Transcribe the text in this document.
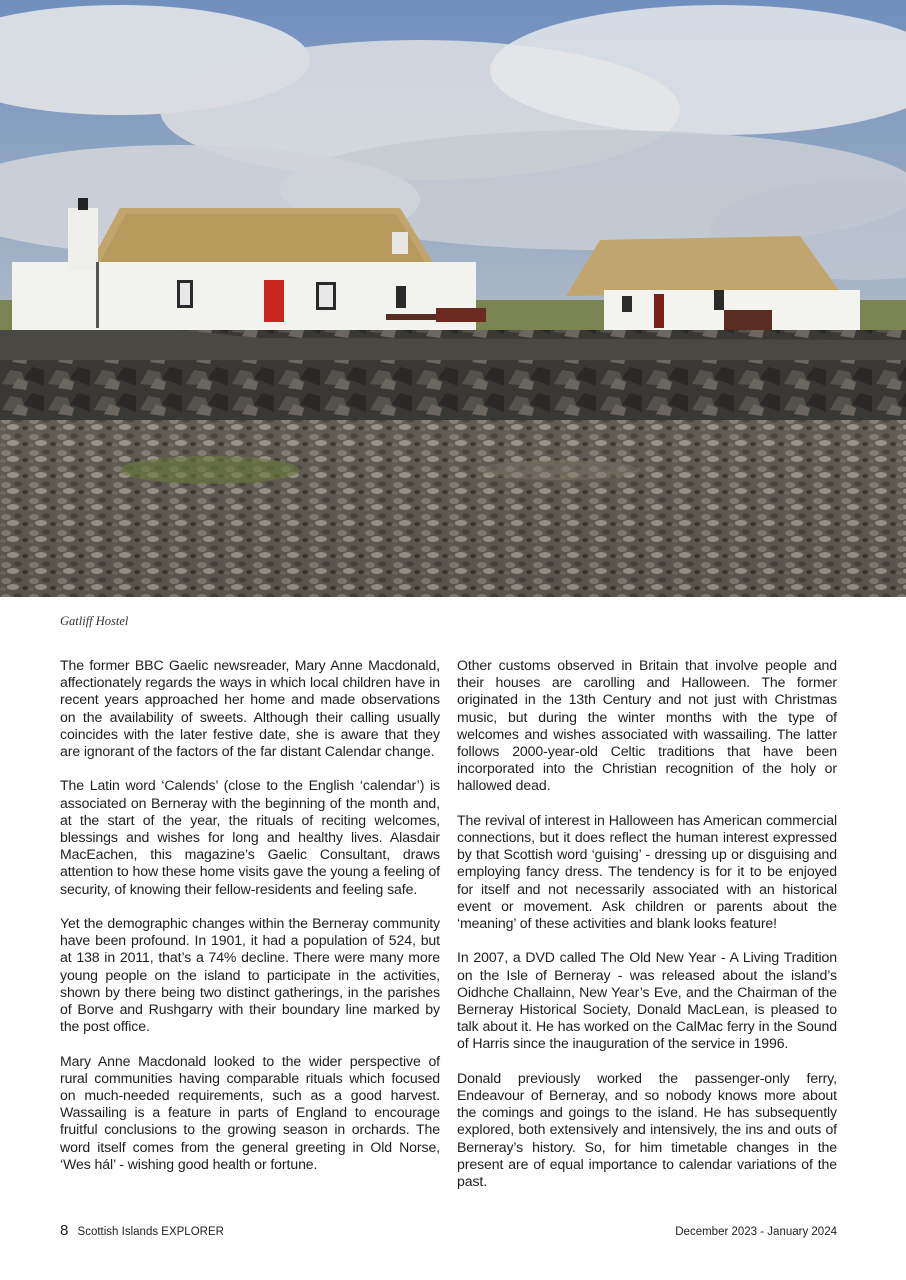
Gatliff Hostel

The former BBC Gaelic newsreader, Mary Anne Macdonald, affectionately regards the ways in which local children have in recent years approached her home and made observations on the availability of sweets. Although their calling usually coincides with the later festive date, she is aware that they are ignorant of the factors of the far distant Calendar change.

The Latin word ‘Calends’ (close to the English ‘calendar’) is associated on Berneray with the beginning of the month and, at the start of the year, the rituals of reciting welcomes, blessings and wishes for long and healthy lives. Alasdair MacEachen, this magazine’s Gaelic Consultant, draws attention to how these home visits gave the young a feeling of security, of knowing their fellow-residents and feeling safe.

Yet the demographic changes within the Berneray community have been profound. In 1901, it had a population of 524, but at 138 in 2011, that’s a 74% decline. There were many more young people on the island to participate in the activities, shown by there being two distinct gatherings, in the parishes of Borve and Rushgarry with their boundary line marked by the post office.

Mary Anne Macdonald looked to the wider perspective of rural communities having comparable rituals which focused on much-needed requirements, such as a good harvest. Wassailing is a feature in parts of England to encourage fruitful conclusions to the growing season in orchards. The word itself comes from the general greeting in Old Norse, ‘Wes hál’ - wishing good health or fortune.

Other customs observed in Britain that involve people and their houses are carolling and Halloween. The former originated in the 13th Century and not just with Christmas music, but during the winter months with the type of welcomes and wishes associated with wassailing. The latter follows 2000-year-old Celtic traditions that have been incorporated into the Christian recognition of the holy or hallowed dead.

The revival of interest in Halloween has American commercial connections, but it does reflect the human interest expressed by that Scottish word ‘guising’ - dressing up or disguising and employing fancy dress. The tendency is for it to be enjoyed for itself and not necessarily associated with an historical event or movement. Ask children or parents about the ‘meaning’ of these activities and blank looks feature!

In 2007, a DVD called The Old New Year - A Living Tradition on the Isle of Berneray - was released about the island’s Oidhche Challainn, New Year’s Eve, and the Chairman of the Berneray Historical Society, Donald MacLean, is pleased to talk about it. He has worked on the CalMac ferry in the Sound of Harris since the inauguration of the service in 1996.

Donald previously worked the passenger-only ferry, Endeavour of Berneray, and so nobody knows more about the comings and goings to the island. He has subsequently explored, both extensively and intensively, the ins and outs of Berneray’s history. So, for him timetable changes in the present are of equal importance to calendar variations of the past.

8 Scottish Islands EXPLORER	December 2023 - January 2024
